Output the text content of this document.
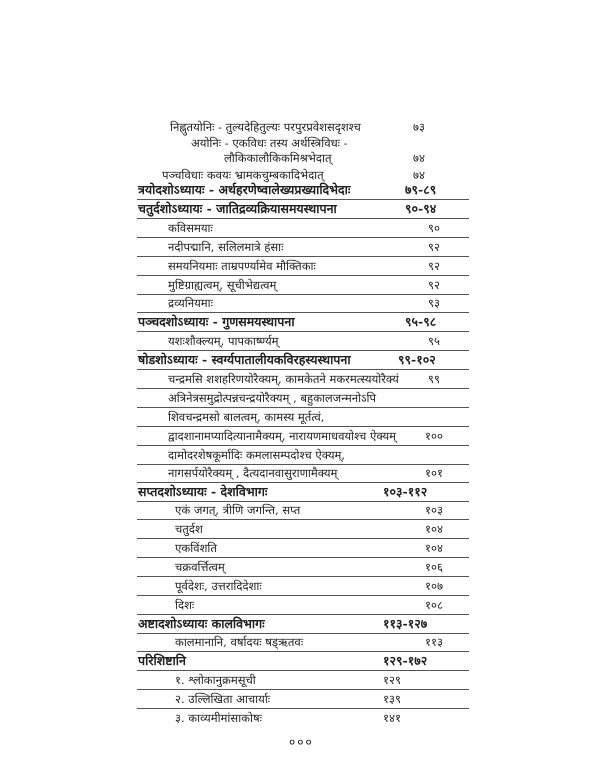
निह्नुतयोनिः - तुल्यदेहितुल्यः परपुरप्रवेशसदृशश्च	७३
अयोनिः - एकविधः तस्य अर्थस्त्रिविधः -
लौकिकालौकिकमिश्रभेदात्	७४
पञ्चविधाः कवयः भ्रामकचुम्बकादिभेदात्	७४
त्रयोदशोऽध्यायः - अर्थहरणेष्वालेख्यप्रख्यादिभेदाः	७९-८९
चतुर्दशोऽध्यायः - जातिद्रव्यक्रियासमयस्थापना	९०-९४
कविसमयाः	९०
नदीपद्मानि, सलिलमात्रे हंसाः	९२
समयनियमाः ताम्रपर्ण्यामेव मौक्तिकाः	९२
मुष्टिग्राह्यत्वम्, सूचीभेद्यत्वम्	९२
द्रव्यनियमाः	९३
पञ्चदशोऽध्यायः - गुणसमयस्थापना	९५-९८
यशःशौक्ल्यम्, पापकार्ष्ण्यम्	९५
षोडशोऽध्यायः - स्वर्ग्यपातालीयकविरहस्यस्थापना	९९-१०२
चन्द्रमसि शशहरिणयोरैक्यम्, कामकेतने मकरमत्स्ययोरैक्यं	९९
अत्रिनेत्रसमुद्रोत्पन्नचन्द्रयोरैक्यम् , बहुकालजन्मनोऽपि
शिवचन्द्रमसो बालत्वम्, कामस्य मूर्तत्वं,
द्वादशानामप्यादित्यानामैक्यम्, नारायणमाधवयोश्च ऐक्यम्	१००
दामोदरशेषकूर्मादिः कमलासम्पदोश्च ऐक्यम्,
नागसर्पयोरैक्यम् , दैत्यदानवासुराणामैक्यम्	१०१
सप्तदशोऽध्यायः - देशविभागः	१०३-११२
एकं जगत्, त्रीणि जगन्ति, सप्त	१०३
चतुर्दश	१०४
एकविंशति	१०४
चक्रवर्त्तित्वम्	१०६
पूर्वदेशः, उत्तरादिदेशाः	१०७
दिशः	१०८
अष्टादशोऽध्यायः कालविभागः	११३-१२७
कालमानानि, वर्षादयः षड्ऋतवः	११३
परिशिष्टानि	१२९-१७२
१. श्लोकानुक्रमसूची	१२९
२. उल्लिखिता आचार्याः	१३९
३. काव्यमीमांसाकोषः	१४१
०००
